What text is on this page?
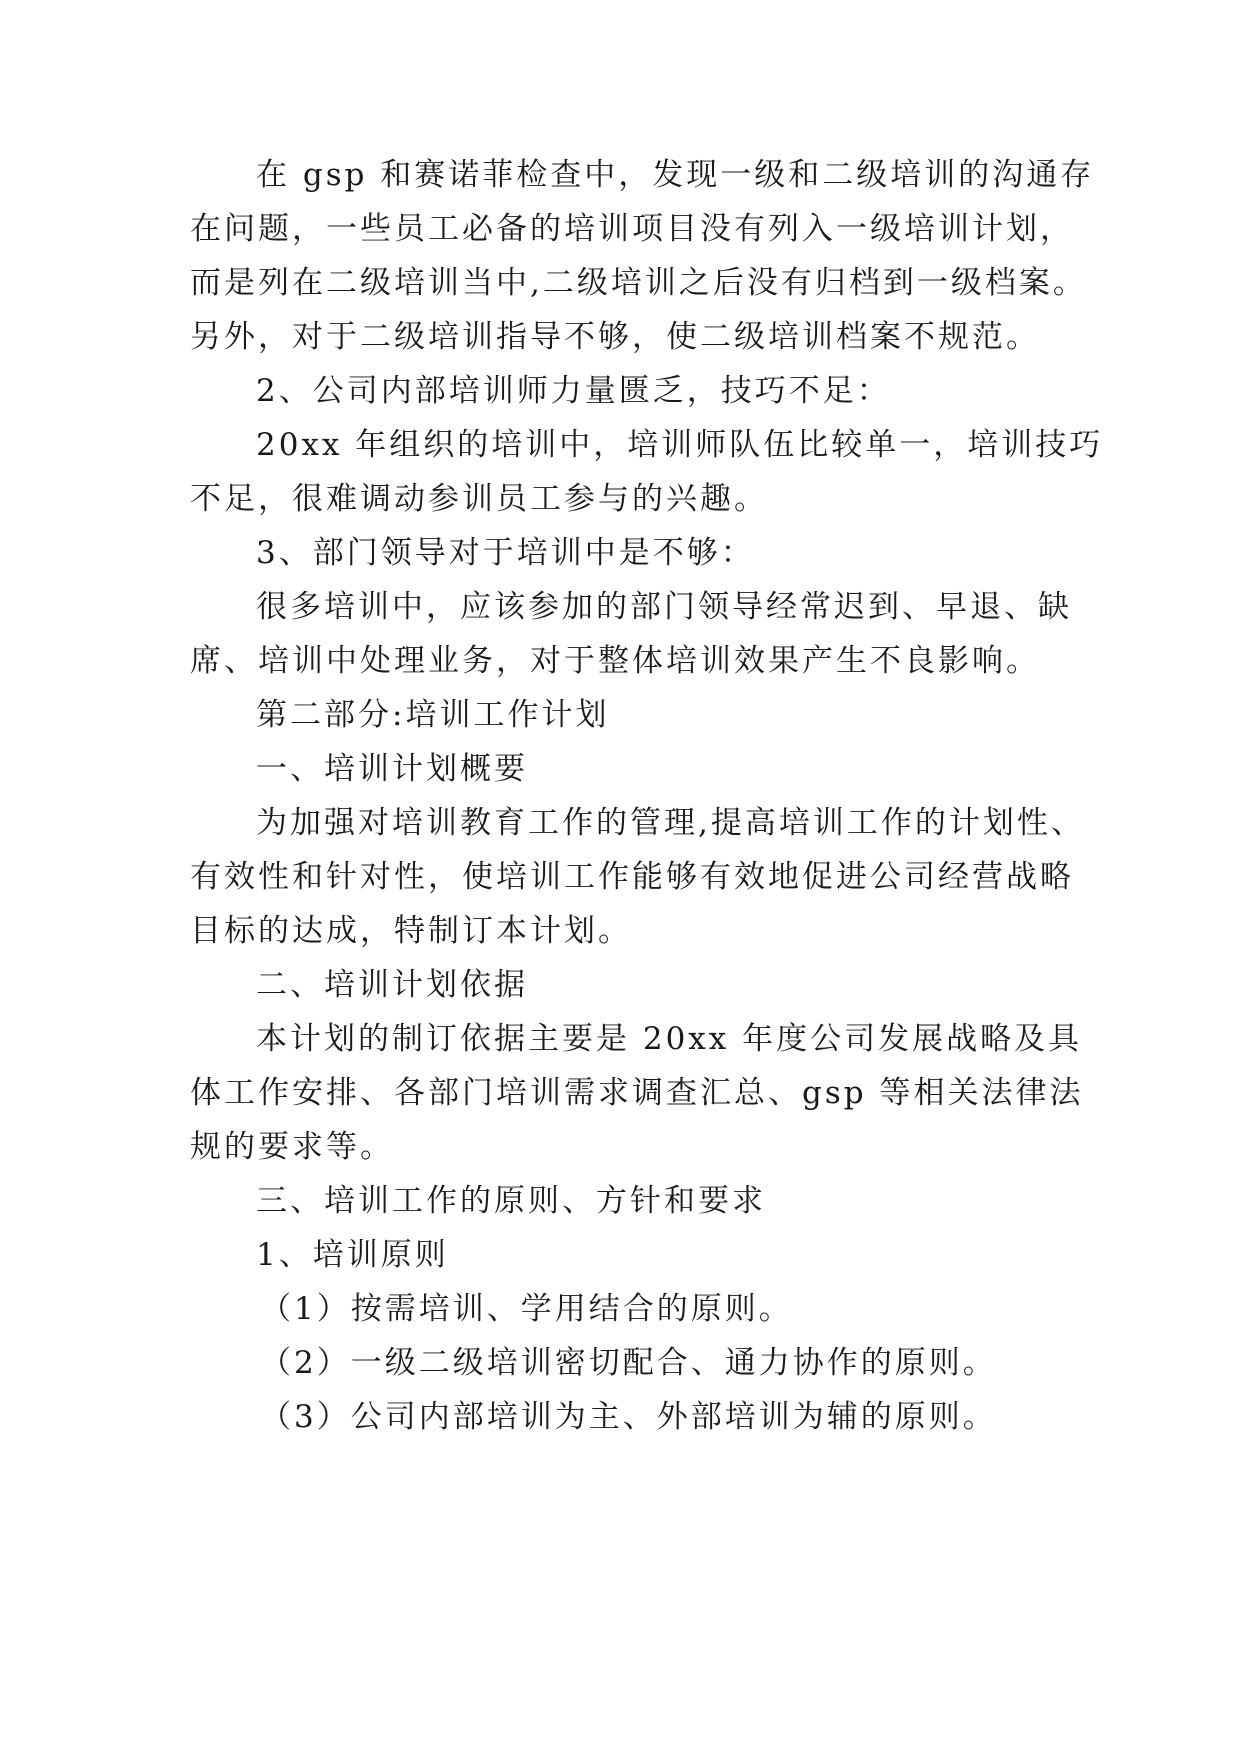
在 gsp 和赛诺菲检查中，发现一级和二级培训的沟通存
在问题，一些员工必备的培训项目没有列入一级培训计划，
而是列在二级培训当中,二级培训之后没有归档到一级档案。
另外，对于二级培训指导不够，使二级培训档案不规范。
2、公司内部培训师力量匮乏，技巧不足：
20xx 年组织的培训中，培训师队伍比较单一，培训技巧
不足，很难调动参训员工参与的兴趣。
3、部门领导对于培训中是不够：
很多培训中，应该参加的部门领导经常迟到、早退、缺
席、培训中处理业务，对于整体培训效果产生不良影响。
第二部分:培训工作计划
一、培训计划概要
为加强对培训教育工作的管理,提高培训工作的计划性、
有效性和针对性，使培训工作能够有效地促进公司经营战略
目标的达成，特制订本计划。
二、培训计划依据
本计划的制订依据主要是 20xx 年度公司发展战略及具
体工作安排、各部门培训需求调查汇总、gsp 等相关法律法
规的要求等。
三、培训工作的原则、方针和要求
1、培训原则
（1）按需培训、学用结合的原则。
（2）一级二级培训密切配合、通力协作的原则。
（3）公司内部培训为主、外部培训为辅的原则。
